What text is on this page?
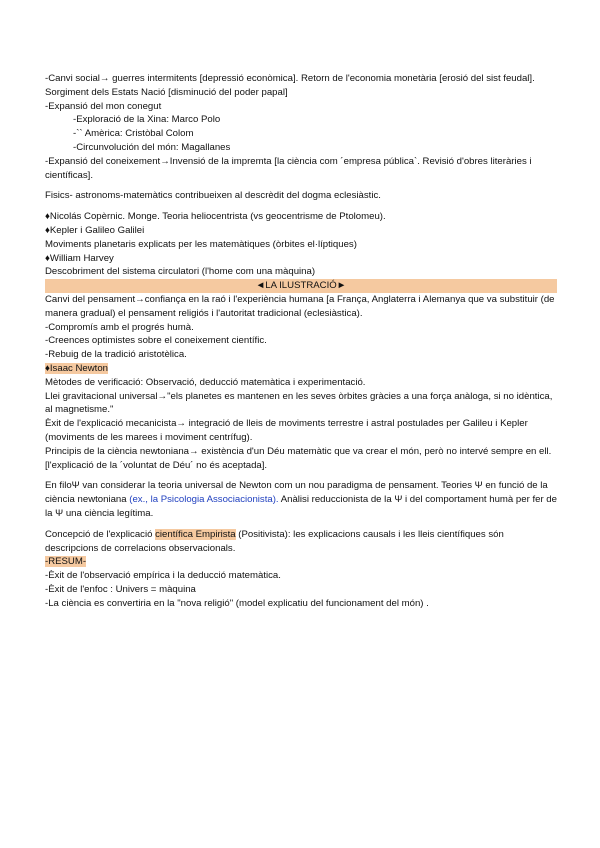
-Canvi social→ guerres intermitents [depressió econòmica]. Retorn de l'economia monetària [erosió del sist feudal]. Sorgiment dels Estats Nació [disminució del poder papal]
-Expansió del mon conegut
-Exploració de la Xina: Marco Polo
-`` Amèrica: Cristòbal Colom
-Circunvolución del món: Magallanes
-Expansió del coneixement→Invensió de la impremta [la ciència com ´empresa pública`. Revisió d'obres literàries i científicas].
Fisics- astronoms-matemàtics contribueixen al descrèdit del dogma eclesiàstic.
♦Nicolás Copèrnic. Monge. Teoria heliocentrista (vs geocentrisme de Ptolomeu).
♦Kepler i Galileo Galilei
Moviments planetaris explicats per les matemàtiques (òrbites el·líptiques)
♦William Harvey
Descobriment del sistema circulatori (l'home com una màquina)
◄LA ILUSTRACIÓ►
Canvi del pensament→confiança en la raó i l'experiència humana [a França, Anglaterra i Alemanya que va substituir (de manera gradual) el pensament religiós i l'autoritat tradicional (eclesiàstica).
-Compromís amb el progrés humà.
-Creences optimistes sobre el coneixement científic.
-Rebuig de la tradició aristotèlica.
♦Isaac Newton
Mètodes de verificació: Observació, deducció matemàtica i experimentació.
Llei gravitacional universal→"els planetes es mantenen en les seves òrbites gràcies a una força anàloga, si no idèntica, al magnetisme."
Èxit de l'explicació mecanicista→ integració de lleis de moviments terrestre i astral postulades per Galileu i Kepler (moviments de les marees i moviment centrífug).
Principis de la ciència newtoniana→ existència d'un Déu matemàtic que va crear el món, però no intervé sempre en ell. [l'explicació de la ´voluntat de Déu´ no és aceptada].
En filoΨ van considerar la teoria universal de Newton com un nou paradigma de pensament. Teories Ψ en funció de la ciència newtoniana (ex., la Psicologia Associacionista). Anàlisi reduccionista de la Ψ i del comportament humà per fer de la Ψ una ciència legítima.
Concepció de l'explicació científica Empirista (Positivista): les explicacions causals i les lleis científiques són descripcions de correlacions observacionals.
-RESUM-
-Èxit de l'observació empírica i la deducció matemàtica.
-Èxit de l'enfoc : Univers = màquina
-La ciència es convertiria en la "nova religió" (model explicatiu del funcionament del món) .
